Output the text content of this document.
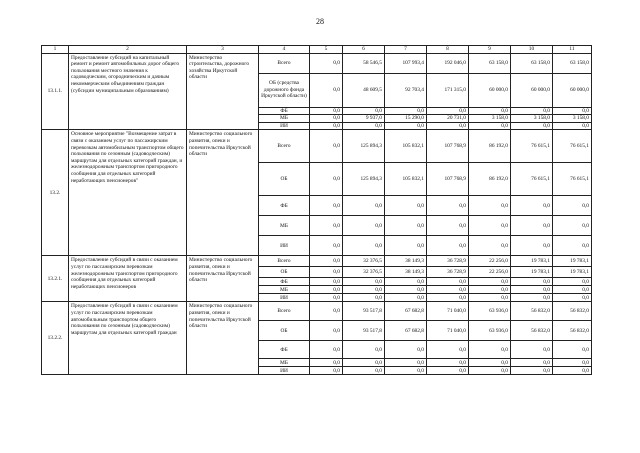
28
1	2	3	4	5	6	7	8	9	10	11
13.1.1.	Предоставление субсидий на капитальный ремонт и ремонт автомобильных дорог общего пользования местного значения к садоводческим, огородническим и дачным некоммерческим объединениям граждан (субсидии муниципальным образованиям)	Министерство строительства, дорожного хозяйства Иркутской области	Всего	0,0	58 546,5	107 993,4	192 046,0	63 158,0	63 158,0	63 158,0
			ОБ (средства дорожного фонда Иркутской области)	0,0	48 609,5	92 703,4	171 315,0	60 000,0	60 000,0	60 000,0
			ФБ	0,0	0,0	0,0	0,0	0,0	0,0	0,0
			МБ	0,0	9 937,0	15 290,0	20 731,0	3 158,0	3 158,0	3 158,0
			ИИ	0,0	0,0	0,0	0,0	0,0	0,0	0,0
13.2.	Основное мероприятие "Возмещение затрат в связи с оказанием услуг по пассажирским перевозкам автомобильным транспортом общего пользования по сезонным (садоводческим) маршрутам для отдельных категорий граждан, и железнодорожным транспортом пригородного сообщения для отдельных категорий неработающих пенсионеров"	Министерство социального развития, опеки и попечительства Иркутской области	Всего	0,0	125 894,3	105 832,1	107 768,9	86 192,0	76 615,1	76 615,1
			ОБ	0,0	125 894,3	105 832,1	107 768,9	86 192,0	76 615,1	76 615,1
			ФБ	0,0	0,0	0,0	0,0	0,0	0,0	0,0
			МБ	0,0	0,0	0,0	0,0	0,0	0,0	0,0
			ИИ	0,0	0,0	0,0	0,0	0,0	0,0	0,0
13.2.1.	Предоставление субсидий в связи с оказанием услуг по пассажирским перевозкам железнодорожным транспортом пригородного сообщения для отдельных категорий неработающих пенсионеров	Министерство социального развития, опеки и попечительства Иркутской области	Всего	0,0	32 376,5	38 149,3	36 728,9	22 256,0	19 783,1	19 783,1
			ОБ	0,0	32 376,5	38 149,3	36 728,9	22 256,0	19 783,1	19 783,1
			ФБ	0,0	0,0	0,0	0,0	0,0	0,0	0,0
			МБ	0,0	0,0	0,0	0,0	0,0	0,0	0,0
			ИИ	0,0	0,0	0,0	0,0	0,0	0,0	0,0
13.2.2.	Предоставление субсидий в связи с оказанием услуг по пассажирским перевозкам автомобильным транспортом общего пользования по сезонным (садоводческим) маршрутам для отдельных категорий граждан	Министерство социального развития, опеки и попечительства Иркутской области	Всего	0,0	93 517,8	67 682,8	71 040,0	63 936,0	56 832,0	56 832,0
			ОБ	0,0	93 517,8	67 682,8	71 040,0	63 936,0	56 832,0	56 832,0
			ФБ	0,0	0,0	0,0	0,0	0,0	0,0	0,0
			МБ	0,0	0,0	0,0	0,0	0,0	0,0	0,0
			ИИ	0,0	0,0	0,0	0,0	0,0	0,0	0,0
